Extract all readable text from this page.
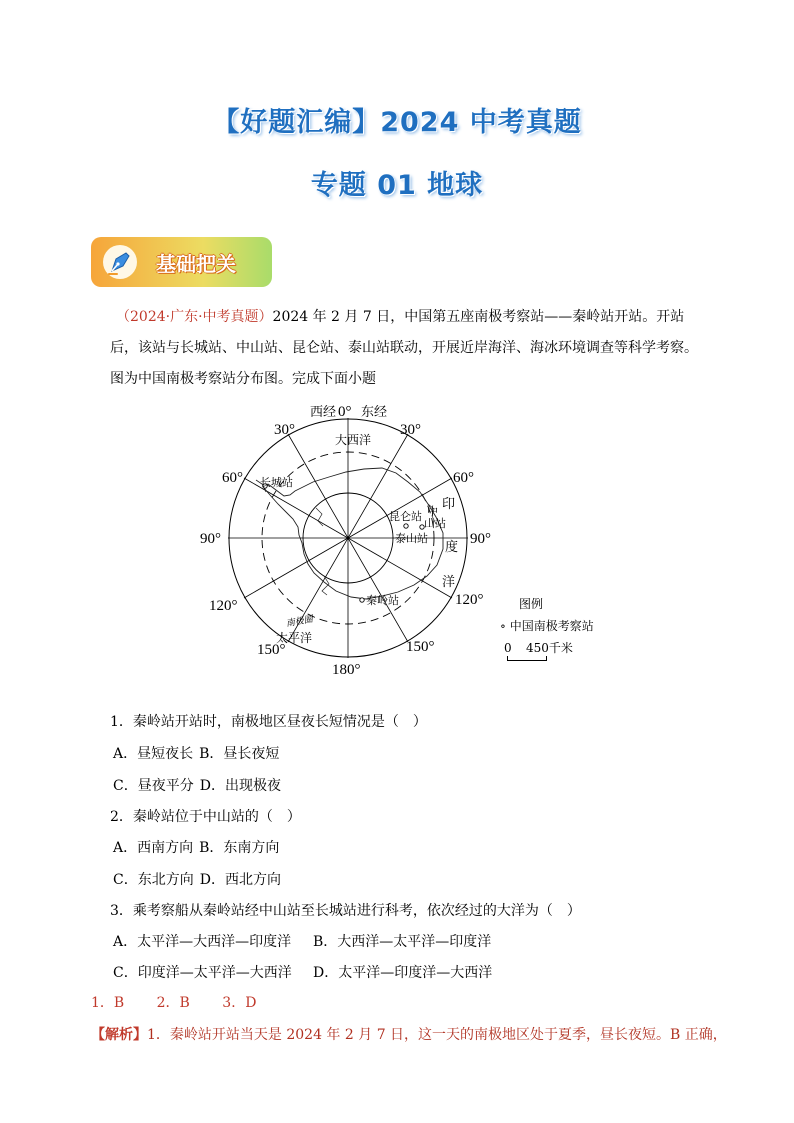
【好题汇编】2024 中考真题
专题 01 地球
基础把关
（2024·广东·中考真题）2024 年 2 月 7 日，中国第五座南极考察站——秦岭站开站。开站后，该站与长城站、中山站、昆仑站、泰山站联动，开展近岸海洋、海冰环境调查等科学考察。图为中国南极考察站分布图。完成下面小题
西经 0° 东经
30°	30°
60°	60°
90°	90°
120°	120°
150°	150°
180°
大西洋
太平洋
南极圈
印
度
洋
长城站
昆仑站 中
山站
泰山站
秦岭站	图例
∘ 中国南极考察站
0 450千米
1．秦岭站开站时，南极地区昼夜长短情况是（　）
A．昼短夜长 B．昼长夜短
C．昼夜平分 D．出现极夜
2．秦岭站位于中山站的（　）
A．西南方向 B．东南方向
C．东北方向 D．西北方向
3．乘考察船从秦岭站经中山站至长城站进行科考，依次经过的大洋为（　）
A．太平洋—大西洋—印度洋 B．大西洋—太平洋—印度洋
C．印度洋—太平洋—大西洋 D．太平洋—印度洋—大西洋
1．B　 2．B　 3．D
【解析】1．秦岭站开站当天是 2024 年 2 月 7 日，这一天的南极地区处于夏季，昼长夜短。B 正确，
